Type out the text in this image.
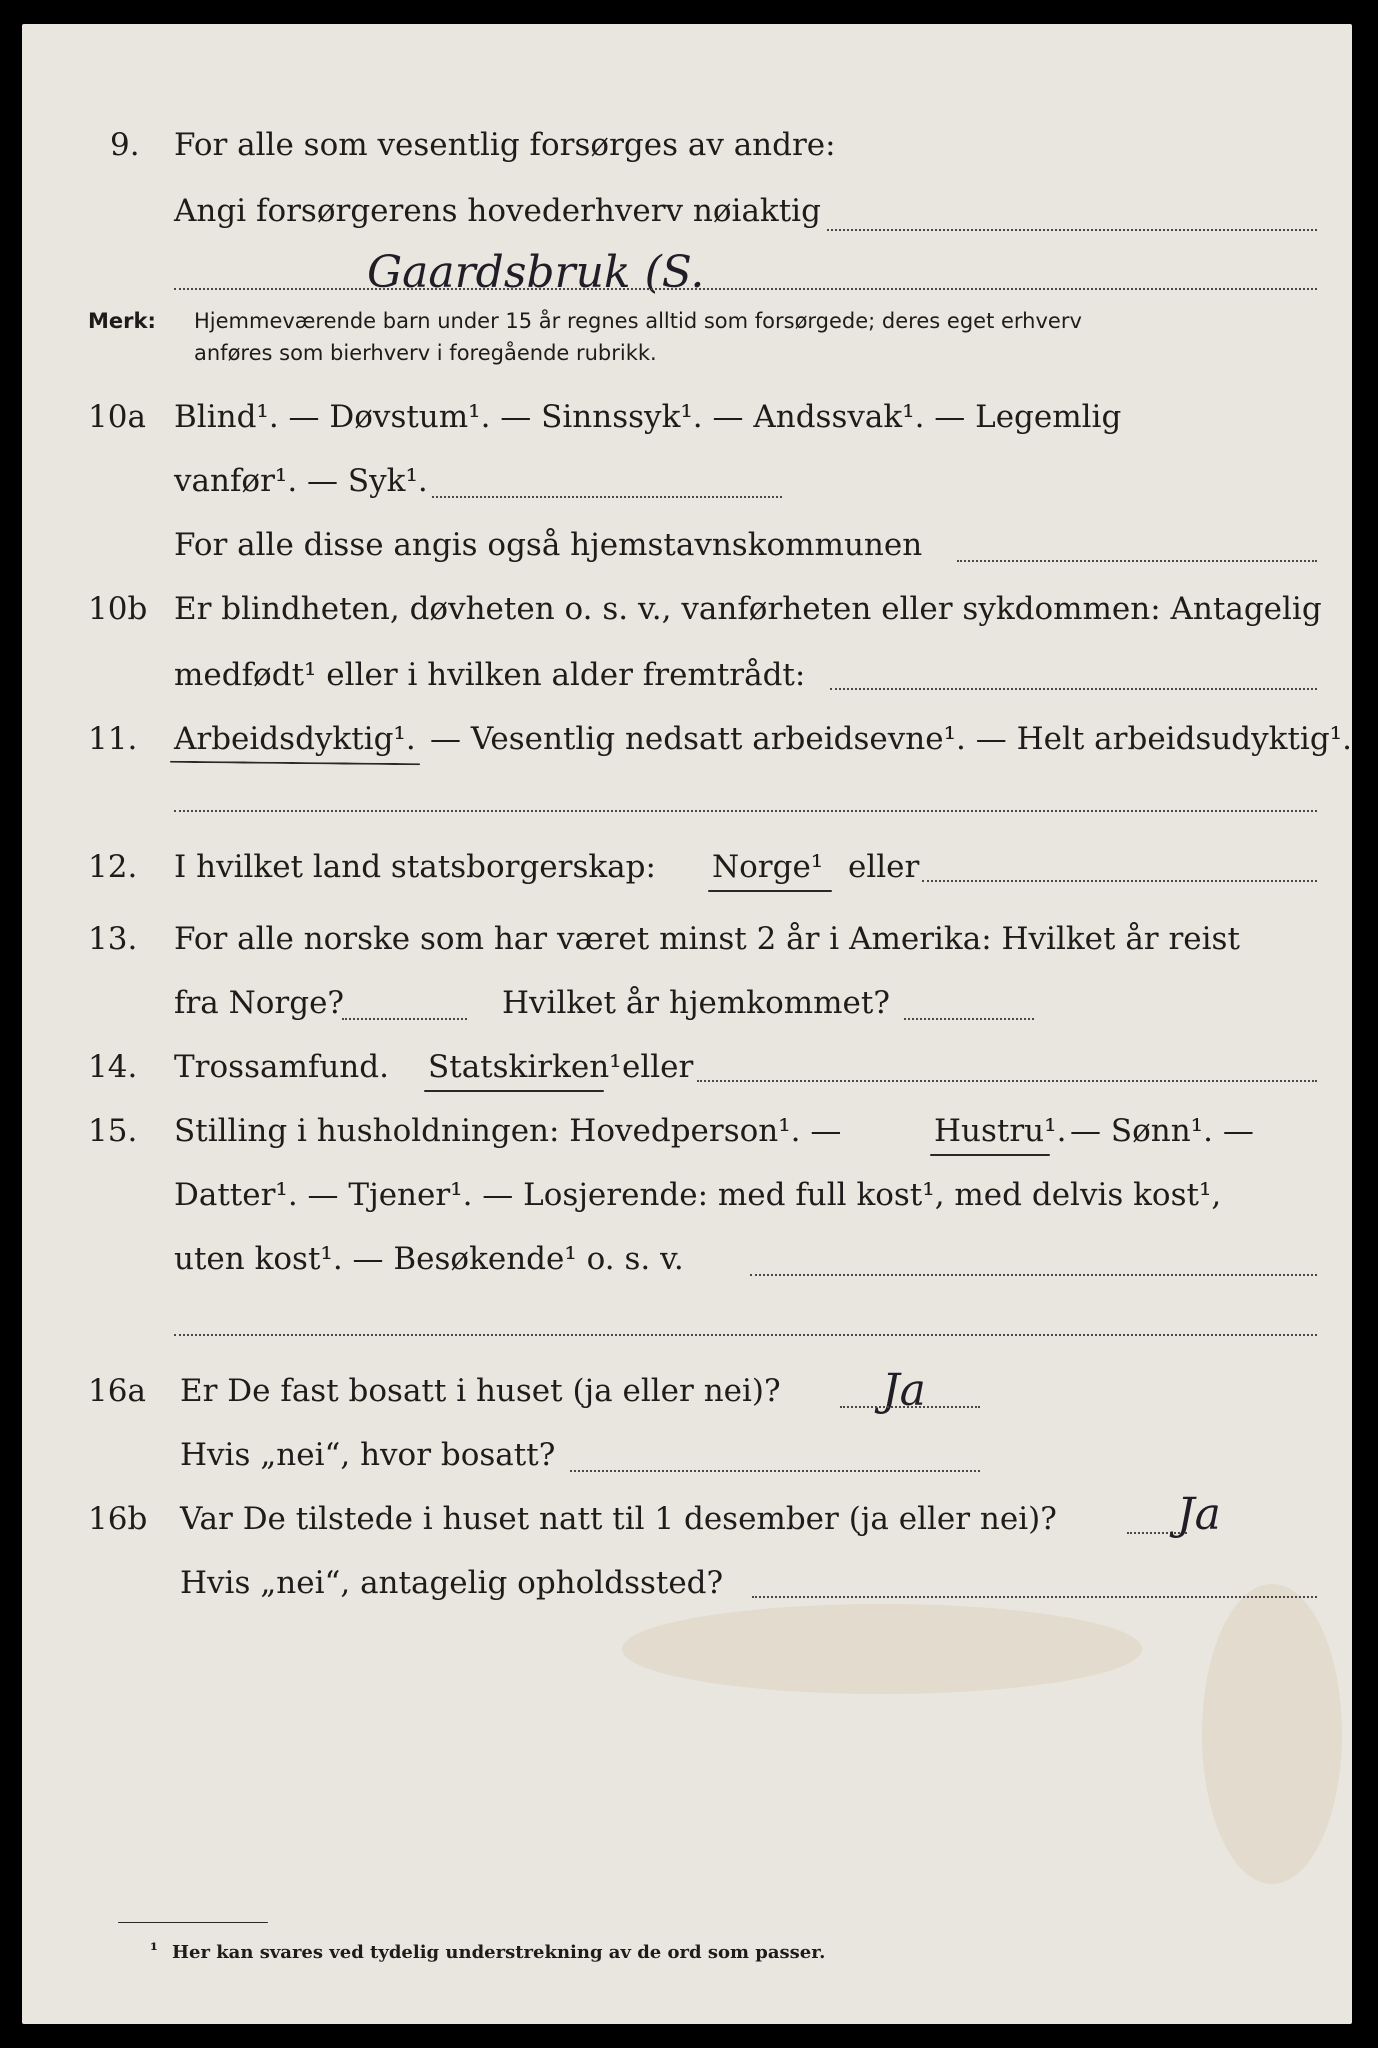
9. For alle som vesentlig forsørges av andre:
Angi forsørgerens hovederhverv nøiaktig
Gaardsbruk (S.
Merk: Hjemmeværende barn under 15 år regnes alltid som forsørgede; deres eget erhverv
anføres som bierhverv i foregående rubrikk.
10a Blind¹. — Døvstum¹. — Sinnssyk¹. — Andssvak¹. — Legemlig
vanfør¹. — Syk¹.
For alle disse angis også hjemstavnskommunen
10b Er blindheten, døvheten o. s. v., vanførheten eller sykdommen: Antagelig
medfødt¹ eller i hvilken alder fremtrådt:
11. Arbeidsdyktig¹. — Vesentlig nedsatt arbeidsevne¹. — Helt arbeidsudyktig¹.
12. I hvilket land statsborgerskap: Norge¹ eller
13. For alle norske som har været minst 2 år i Amerika: Hvilket år reist
fra Norge?	Hvilket år hjemkommet?
14. Trossamfund. Statskirken¹ eller
15. Stilling i husholdningen: Hovedperson¹. —	Hustru¹. — Sønn¹. —
Datter¹. — Tjener¹. — Losjerende: med full kost¹, med delvis kost¹,
uten kost¹. — Besøkende¹ o. s. v.
16a Er De fast bosatt i huset (ja eller nei)? Ja
Hvis „nei“, hvor bosatt?
16b Var De tilstede i huset natt til 1 desember (ja eller nei)?	Ja
Hvis „nei“, antagelig opholdssted?
¹ Her kan svares ved tydelig understrekning av de ord som passer.
